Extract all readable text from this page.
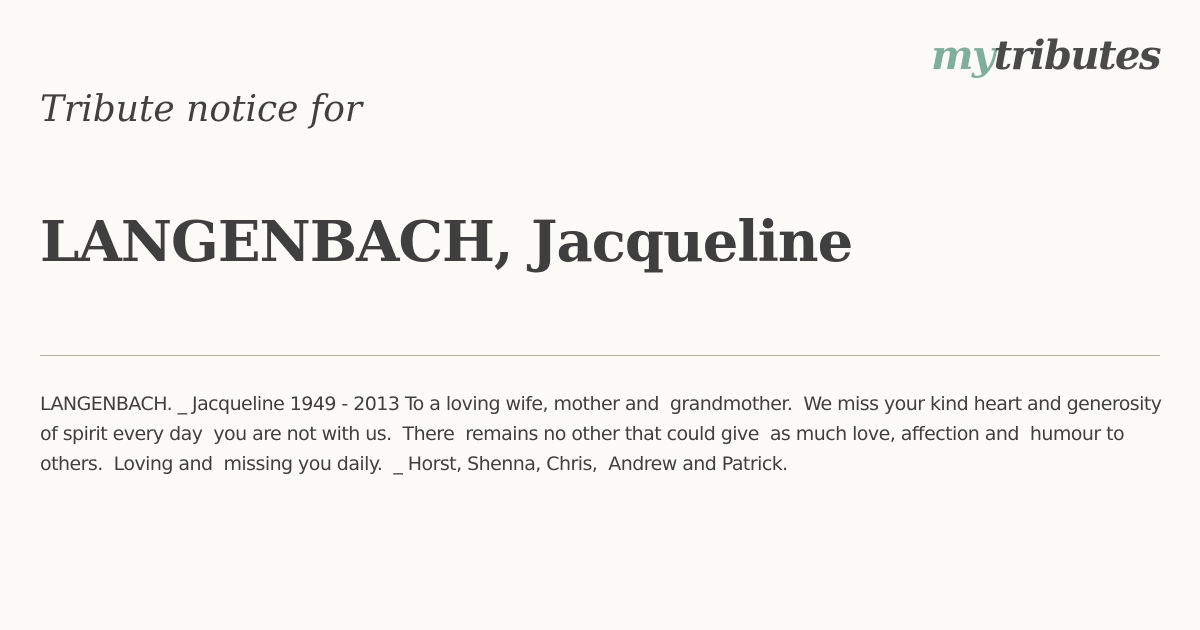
mytributes
Tribute notice for
LANGENBACH, Jacqueline

LANGENBACH. _ Jacqueline 1949 - 2013 To a loving wife, mother and  grandmother.  We miss your kind heart and generosity of spirit every day  you are not with us.  There  remains no other that could give  as much love, affection and  humour to others.  Loving and  missing you daily.  _ Horst, Shenna, Chris,  Andrew and Patrick.
